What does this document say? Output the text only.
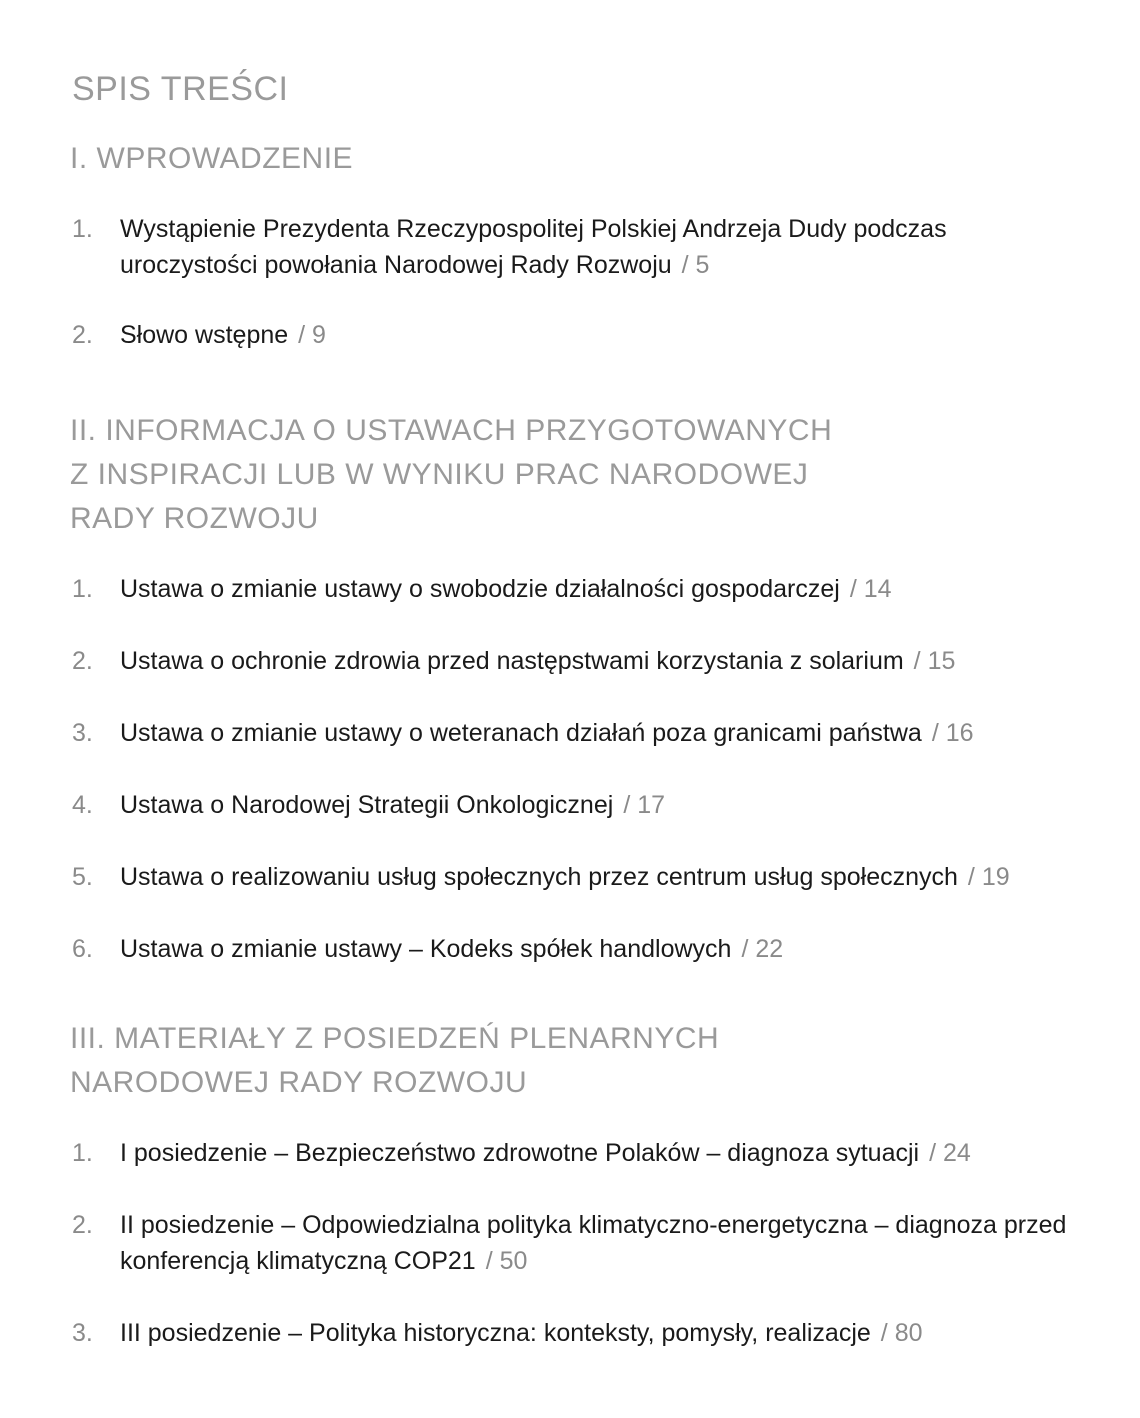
SPIS TREŚCI
I. WPROWADZENIE
1.	Wystąpienie Prezydenta Rzeczypospolitej Polskiej Andrzeja Dudy podczas uroczystości powołania Narodowej Rady Rozwoju / 5
2.	Słowo wstępne / 9
II. INFORMACJA O USTAWACH PRZYGOTOWANYCH
Z INSPIRACJI LUB W WYNIKU PRAC NARODOWEJ
RADY ROZWOJU
1.	Ustawa o zmianie ustawy o swobodzie działalności gospodarczej / 14
2.	Ustawa o ochronie zdrowia przed następstwami korzystania z solarium / 15
3.	Ustawa o zmianie ustawy o weteranach działań poza granicami państwa / 16
4.	Ustawa o Narodowej Strategii Onkologicznej / 17
5.	Ustawa o realizowaniu usług społecznych przez centrum usług społecznych / 19
6.	Ustawa o zmianie ustawy – Kodeks spółek handlowych / 22
III. MATERIAŁY Z POSIEDZEŃ PLENARNYCH
NARODOWEJ RADY ROZWOJU
1.	I posiedzenie – Bezpieczeństwo zdrowotne Polaków – diagnoza sytuacji / 24
2.	II posiedzenie – Odpowiedzialna polityka klimatyczno-energetyczna – diagnoza przed konferencją klimatyczną COP21 / 50
3.	III posiedzenie – Polityka historyczna: konteksty, pomysły, realizacje / 80
